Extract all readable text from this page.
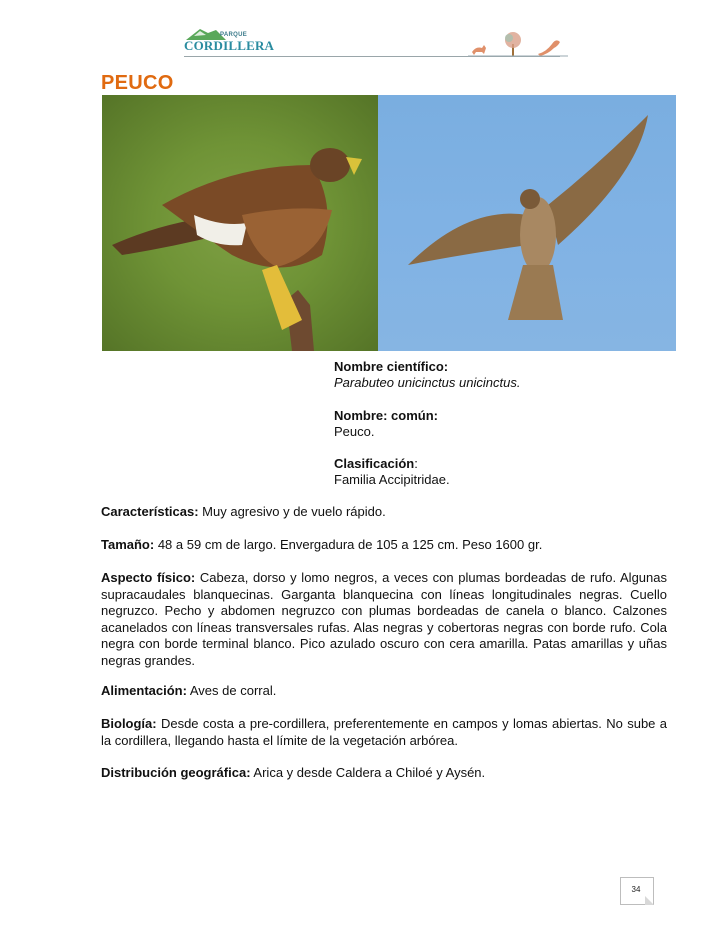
PARQUE
CORDILLERA
PEUCO
Nombre científico:
Parabuteo unicinctus unicinctus.
Nombre: común:
Peuco.
Clasificación:
Familia Accipitridae.
Características: Muy agresivo y de vuelo rápido.
Tamaño: 48 a 59 cm de largo. Envergadura de 105 a 125 cm. Peso 1600 gr.
Aspecto físico: Cabeza, dorso y lomo negros, a veces con plumas bordeadas de rufo. Algunas supracaudales blanquecinas. Garganta blanquecina con líneas longitudinales negras. Cuello negruzco. Pecho y abdomen negruzco con plumas bordeadas de canela o blanco. Calzones acanelados con líneas transversales rufas. Alas negras y cobertoras negras con borde rufo. Cola negra con borde terminal blanco. Pico azulado oscuro con cera amarilla. Patas amarillas y uñas negras grandes.
Alimentación: Aves de corral.
Biología: Desde costa a pre-cordillera, preferentemente en campos y lomas abiertas. No sube a la cordillera, llegando hasta el límite de la vegetación arbórea.
Distribución geográfica: Arica y desde Caldera a Chiloé y Aysén.
34
